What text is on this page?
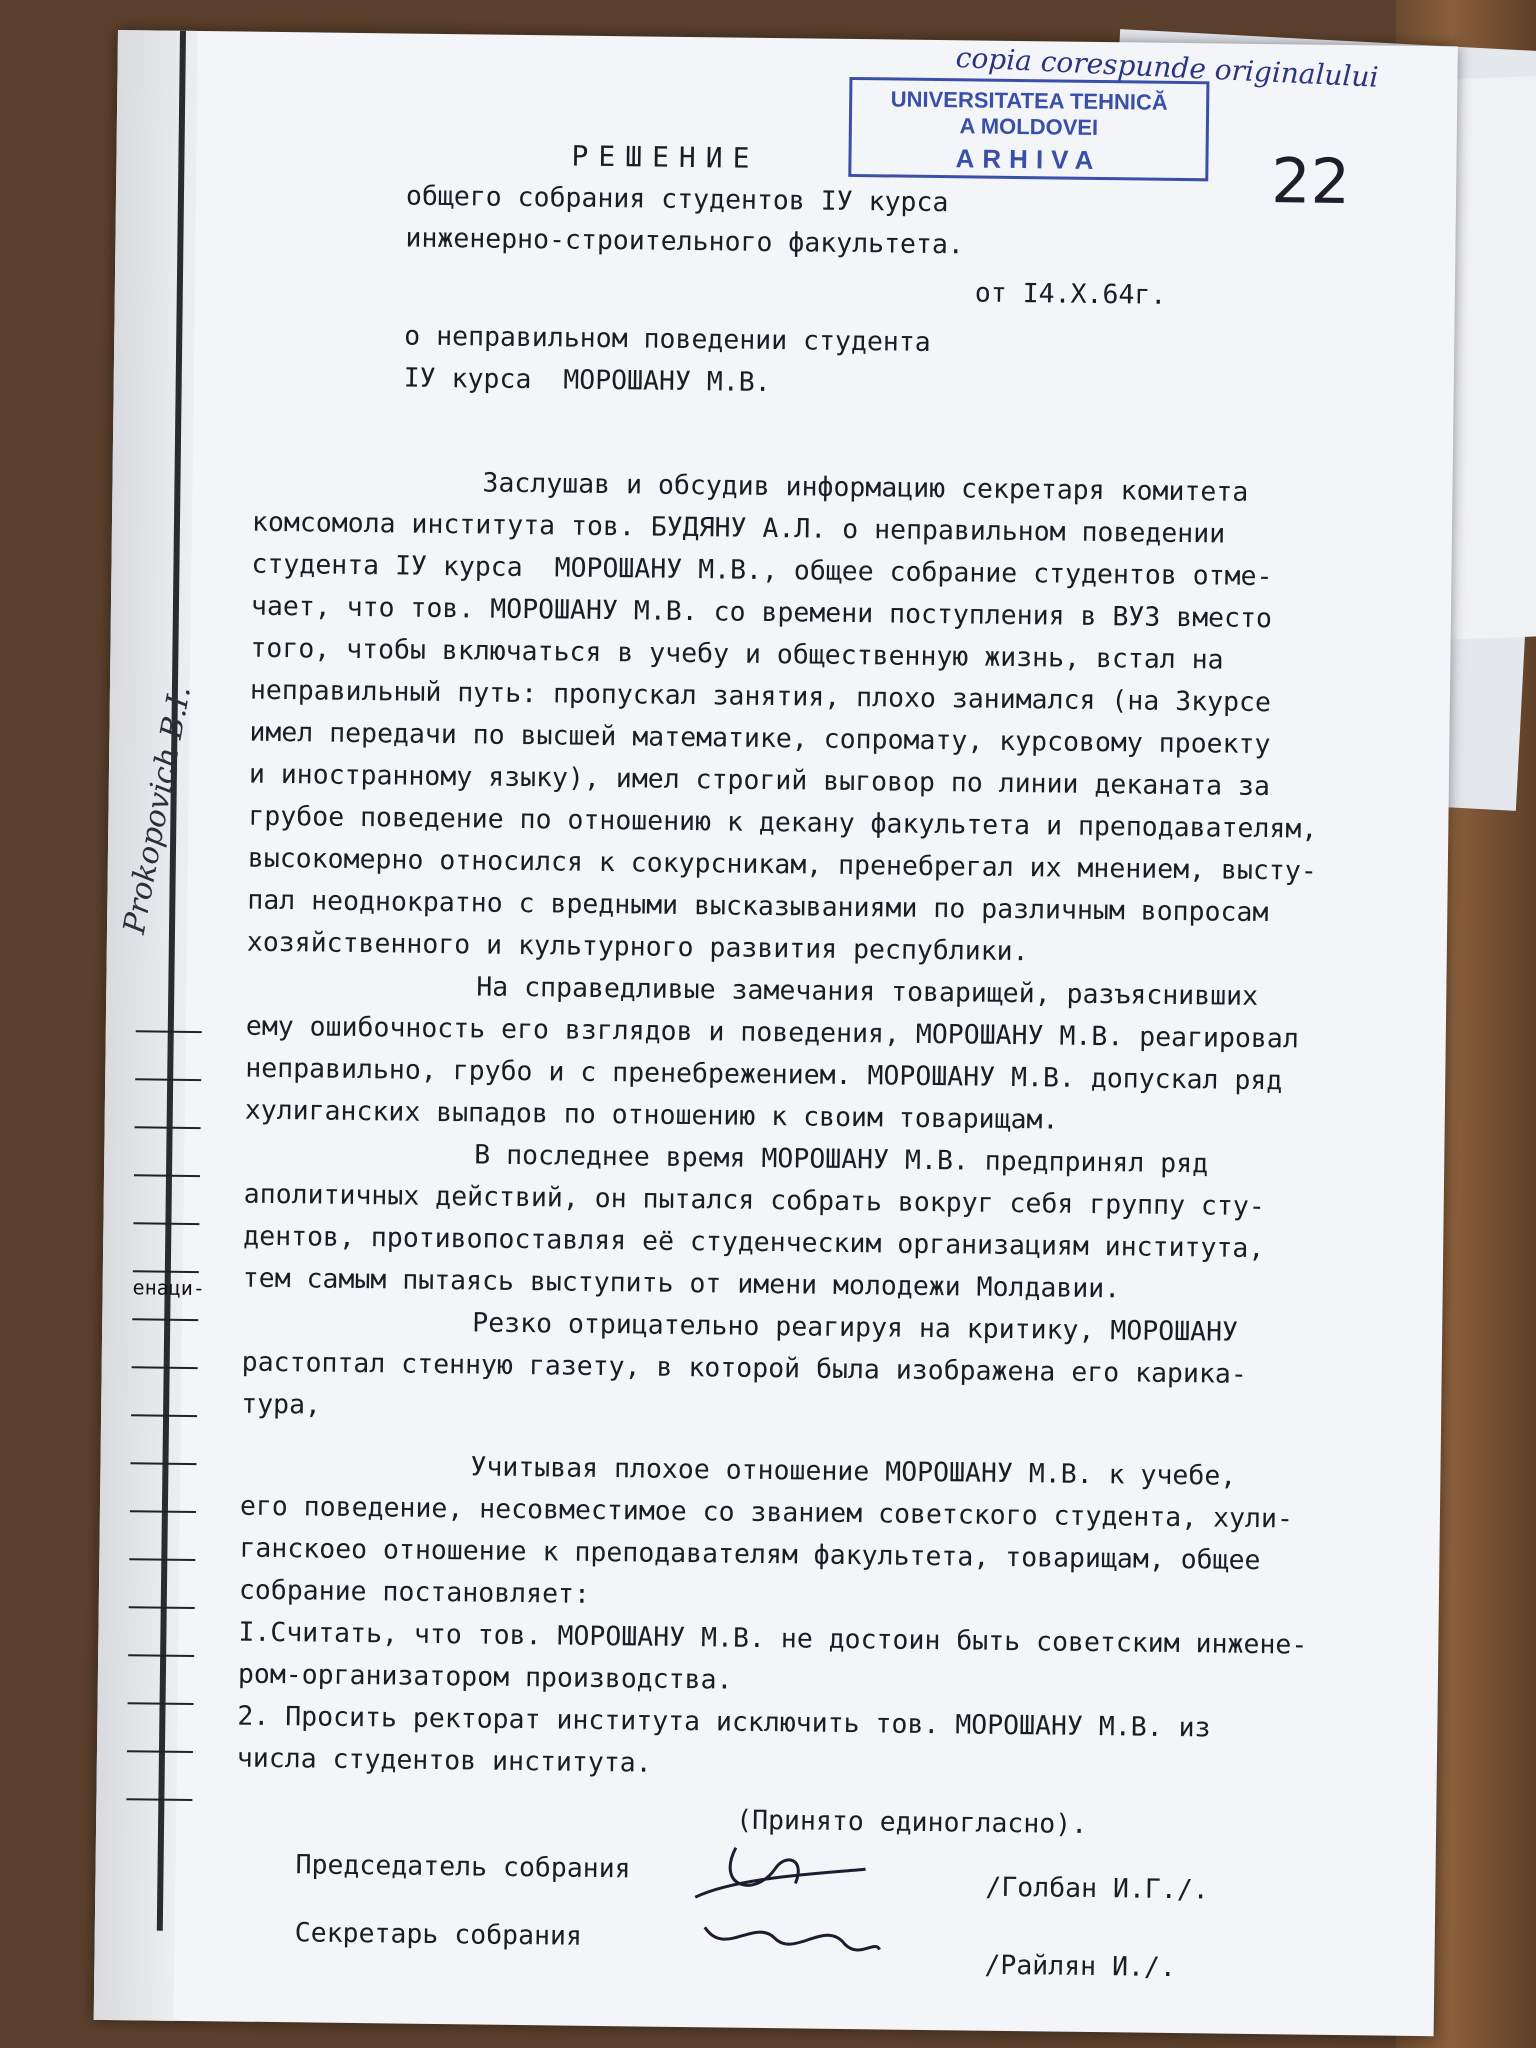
енаци-
UNIVERSITATEA TEHNICĂ
A MOLDOVEI
ARHIVA
copia corespunde originalului
22
РЕШЕНИЕ
общего собрания студентов IУ курса
инженерно-строительного факультета.
от I4.X.64г.
о неправильном поведении студента
IУ курса  МОРОШАНУ М.В.
Заслушав и обсудив информацию секретаря комитета
комсомола института тов. БУДЯНУ А.Л. о неправильном поведении
студента IУ курса  МОРОШАНУ М.В., общее собрание студентов отме-
чает, что тов. МОРОШАНУ М.В. со времени поступления в ВУЗ вместо
того, чтобы включаться в учебу и общественную жизнь, встал на
неправильный путь: пропускал занятия, плохо занимался (на 3курсе
имел передачи по высшей математике, сопромату, курсовому проекту
и иностранному языку), имел строгий выговор по линии деканата за
грубое поведение по отношению к декану факультета и преподавателям,
высокомерно относился к сокурсникам, пренебрегал их мнением, высту-
пал неоднократно с вредными высказываниями по различным вопросам
хозяйственного и культурного развития республики.
На справедливые замечания товарищей, разъяснивших
ему ошибочность его взглядов и поведения, МОРОШАНУ М.В. реагировал
неправильно, грубо и с пренебрежением. МОРОШАНУ М.В. допускал ряд
хулиганских выпадов по отношению к своим товарищам.
В последнее время МОРОШАНУ М.В. предпринял ряд
аполитичных действий, он пытался собрать вокруг себя группу сту-
дентов, противопоставляя её студенческим организациям института,
тем самым пытаясь выступить от имени молодежи Молдавии.
Резко отрицательно реагируя на критику, МОРОШАНУ
растоптал стенную газету, в которой была изображена его карика-
тура,
Учитывая плохое отношение МОРОШАНУ М.В. к учебе,
его поведение, несовместимое со званием советского студента, хули-
ганскоео отношение к преподавателям факультета, товарищам, общее
собрание постановляет:
I.Считать, что тов. МОРОШАНУ М.В. не достоин быть советским инжене-
ром-организатором производства.
2. Просить ректорат института исключить тов. МОРОШАНУ М.В. из
числа студентов института.
(Принято единогласно).
Председатель собрания
/Голбан И.Г./.
Секретарь собрания
/Райлян И./.
Prokopovich B.I.
